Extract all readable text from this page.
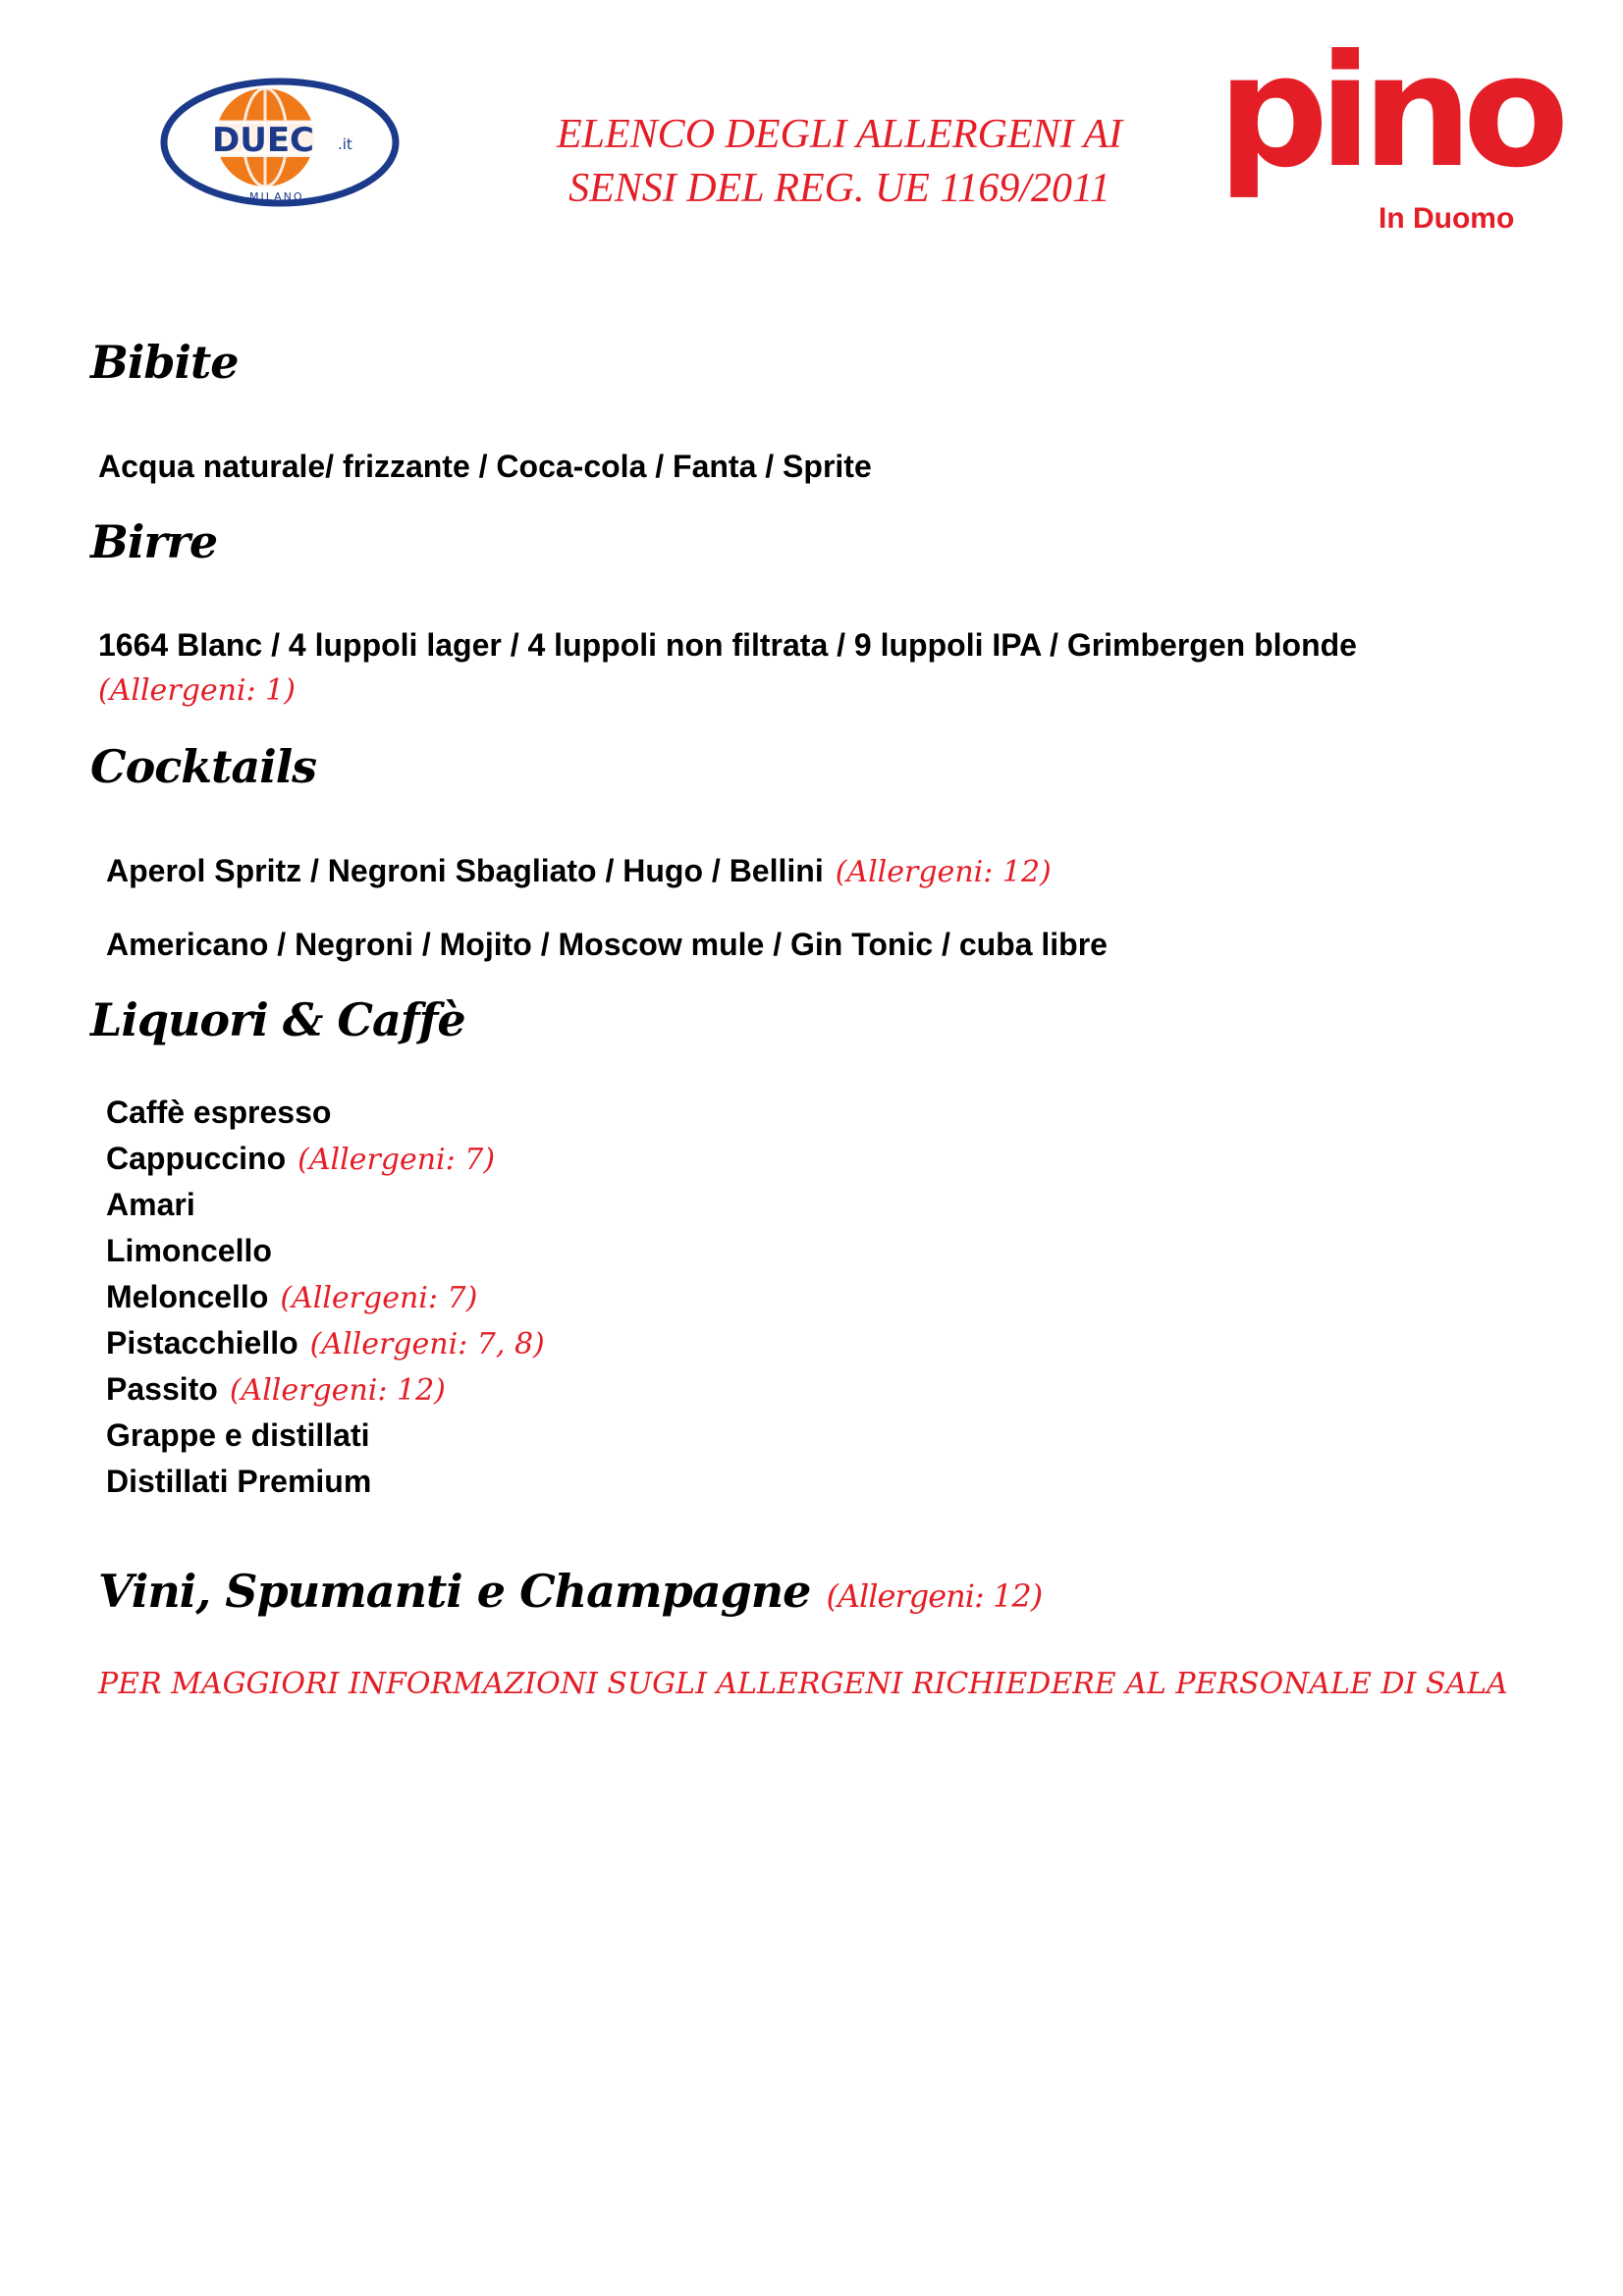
DUEC .it
MILANO
ELENCO DEGLI ALLERGENI AI
SENSI DEL REG. UE 1169/2011 pino
In Duomo
Bibite
Acqua naturale/ frizzante / Coca-cola / Fanta / Sprite
Birre
1664 Blanc / 4 luppoli lager / 4 luppoli non filtrata / 9 luppoli IPA / Grimbergen blonde
(Allergeni: 1)
Cocktails
Aperol Spritz / Negroni Sbagliato / Hugo / Bellini (Allergeni: 12)
Americano / Negroni / Mojito / Moscow mule / Gin Tonic / cuba libre
Liquori & Caffè
Caffè espresso
Cappuccino (Allergeni: 7)
Amari
Limoncello
Meloncello (Allergeni: 7)
Pistacchiello (Allergeni: 7, 8)
Passito (Allergeni: 12)
Grappe e distillati
Distillati Premium
Vini, Spumanti e Champagne (Allergeni: 12)
PER MAGGIORI INFORMAZIONI SUGLI ALLERGENI RICHIEDERE AL PERSONALE DI SALA
